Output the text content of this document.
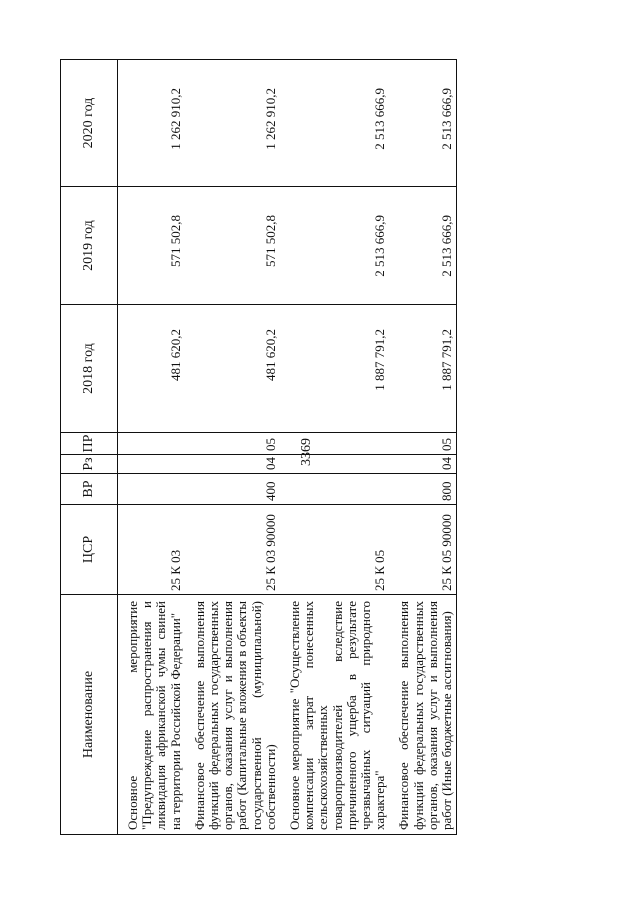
3369
Наименование	ЦСР	ВР	Рз	ПР	2018 год	2019 год	2020 год
Основное мероприятие "Предупреждение распространения и ликвидация африканской чумы свиней на территории Российской Федерации"	25 К 03				481 620,2	571 502,8	1 262 910,2
Финансовое обеспечение выполнения функций федеральных государственных органов, оказания услуг и выполнения работ (Капитальные вложения в объекты государственной (муниципальной) собственности)	25 К 03 90000	400	04	05	481 620,2	571 502,8	1 262 910,2
Основное мероприятие "Осуществление компенсации затрат понесенных сельскохозяйственных товаропроизводителей вследствие причиненного ущерба в результате чрезвычайных ситуаций природного характера"	25 К 05				1 887 791,2	2 513 666,9	2 513 666,9
Финансовое обеспечение выполнения функций федеральных государственных органов, оказания услуг и выполнения работ (Иные бюджетные ассигнования)	25 К 05 90000	800	04	05	1 887 791,2	2 513 666,9	2 513 666,9
